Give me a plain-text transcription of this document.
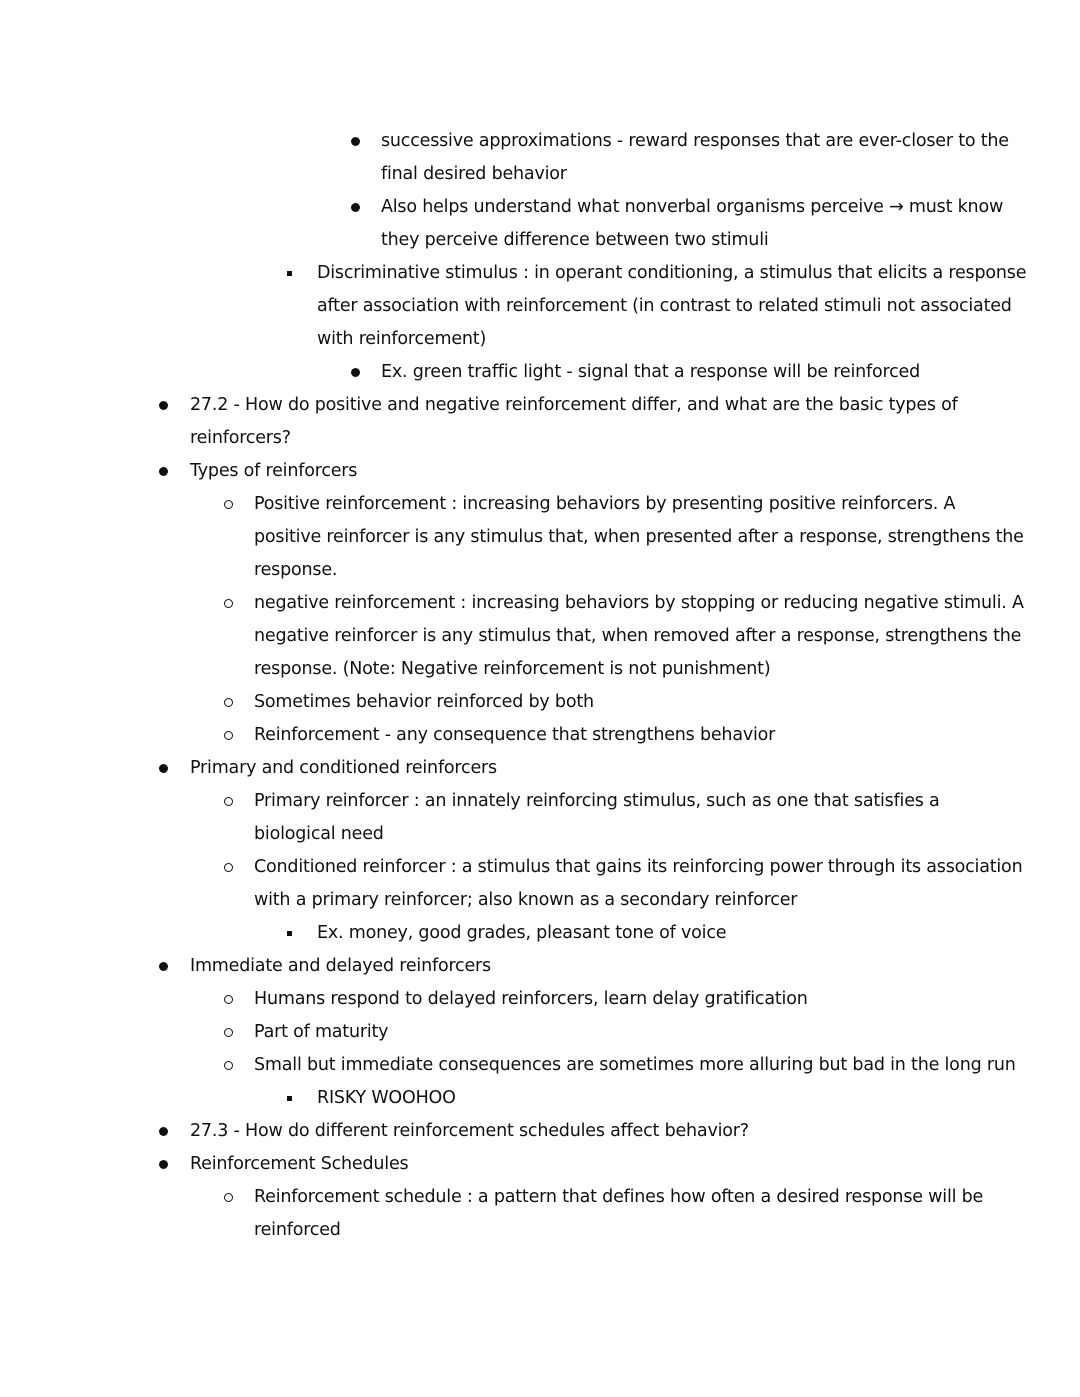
successive approximations - reward responses that are ever-closer to the
final desired behavior
Also helps understand what nonverbal organisms perceive → must know
they perceive difference between two stimuli
Discriminative stimulus : in operant conditioning, a stimulus that elicits a response
after association with reinforcement (in contrast to related stimuli not associated
with reinforcement)
Ex. green traffic light - signal that a response will be reinforced
27.2 - How do positive and negative reinforcement differ, and what are the basic types of
reinforcers?
Types of reinforcers
Positive reinforcement : increasing behaviors by presenting positive reinforcers. A
positive reinforcer is any stimulus that, when presented after a response, strengthens the
response.
negative reinforcement : increasing behaviors by stopping or reducing negative stimuli. A
negative reinforcer is any stimulus that, when removed after a response, strengthens the
response. (Note: Negative reinforcement is not punishment)
Sometimes behavior reinforced by both
Reinforcement - any consequence that strengthens behavior
Primary and conditioned reinforcers
Primary reinforcer : an innately reinforcing stimulus, such as one that satisfies a
biological need
Conditioned reinforcer : a stimulus that gains its reinforcing power through its association
with a primary reinforcer; also known as a secondary reinforcer
Ex. money, good grades, pleasant tone of voice
Immediate and delayed reinforcers
Humans respond to delayed reinforcers, learn delay gratification
Part of maturity
Small but immediate consequences are sometimes more alluring but bad in the long run
RISKY WOOHOO
27.3 - How do different reinforcement schedules affect behavior?
Reinforcement Schedules
Reinforcement schedule : a pattern that defines how often a desired response will be
reinforced
